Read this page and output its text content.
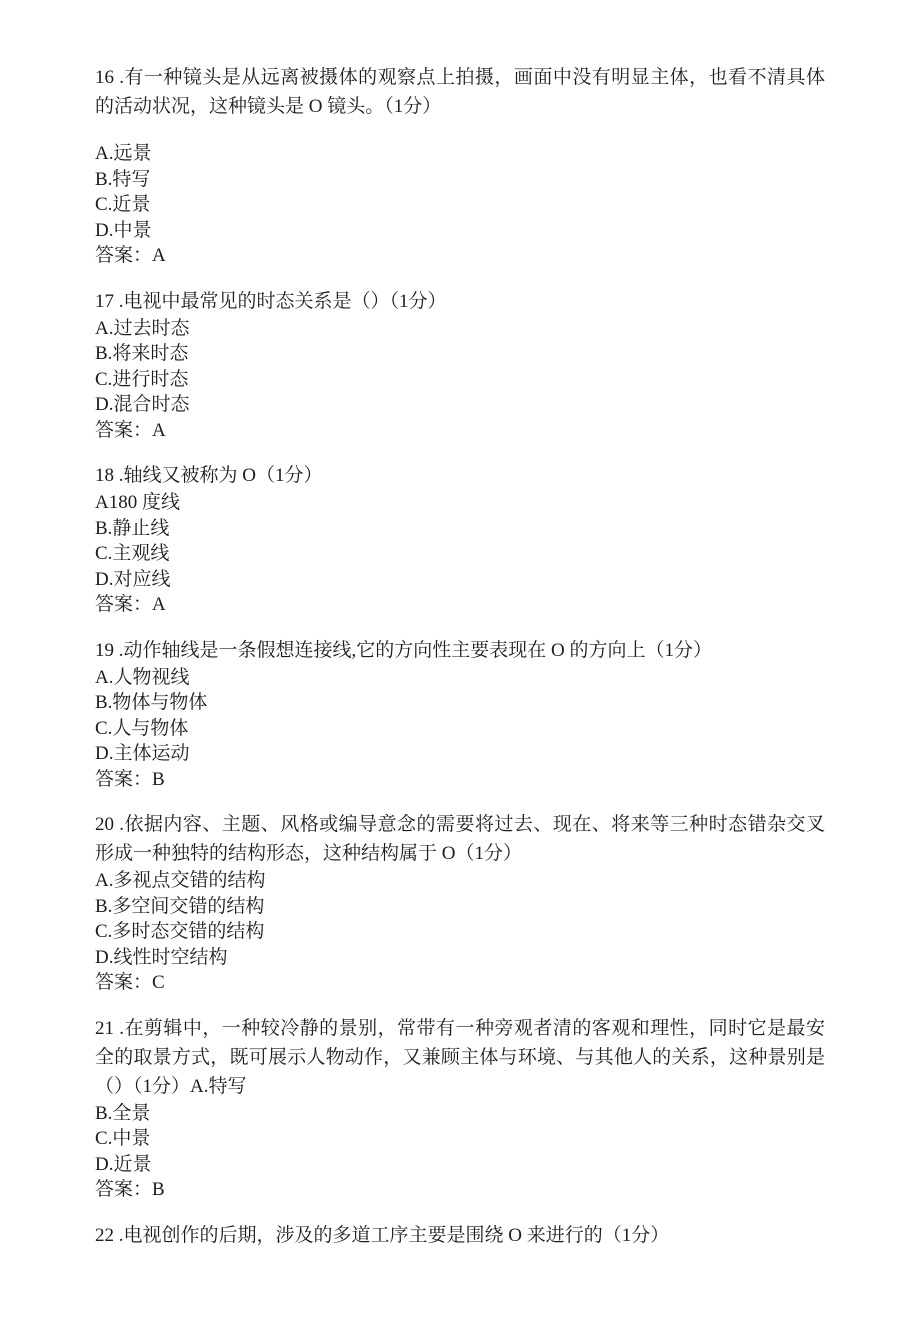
16 .有一种镜头是从远离被摄体的观察点上拍摄，画面中没有明显主体，也看不清具体的活动状况，这种镜头是 O 镜头。（1分）

A.远景

B.特写

C.近景

D.中景

答案：A

17 .电视中最常见的时态关系是（）（1分）

A.过去时态

B.将来时态

C.进行时态

D.混合时态

答案：A

18 .轴线又被称为 O（1分）

A180 度线

B.静止线

C.主观线

D.对应线

答案：A

19 .动作轴线是一条假想连接线,它的方向性主要表现在 O 的方向上（1分）

A.人物视线

B.物体与物体

C.人与物体

D.主体运动

答案：B

20 .依据内容、主题、风格或编导意念的需要将过去、现在、将来等三种时态错杂交叉形成一种独特的结构形态，这种结构属于 O（1分）

A.多视点交错的结构

B.多空间交错的结构

C.多时态交错的结构

D.线性时空结构

答案：C

21 .在剪辑中，一种较冷静的景别，常带有一种旁观者清的客观和理性，同时它是最安全的取景方式，既可展示人物动作，又兼顾主体与环境、与其他人的关系，这种景别是（）（1分）A.特写

B.全景

C.中景

D.近景

答案：B

22 .电视创作的后期，涉及的多道工序主要是围绕 O 来进行的（1分）
